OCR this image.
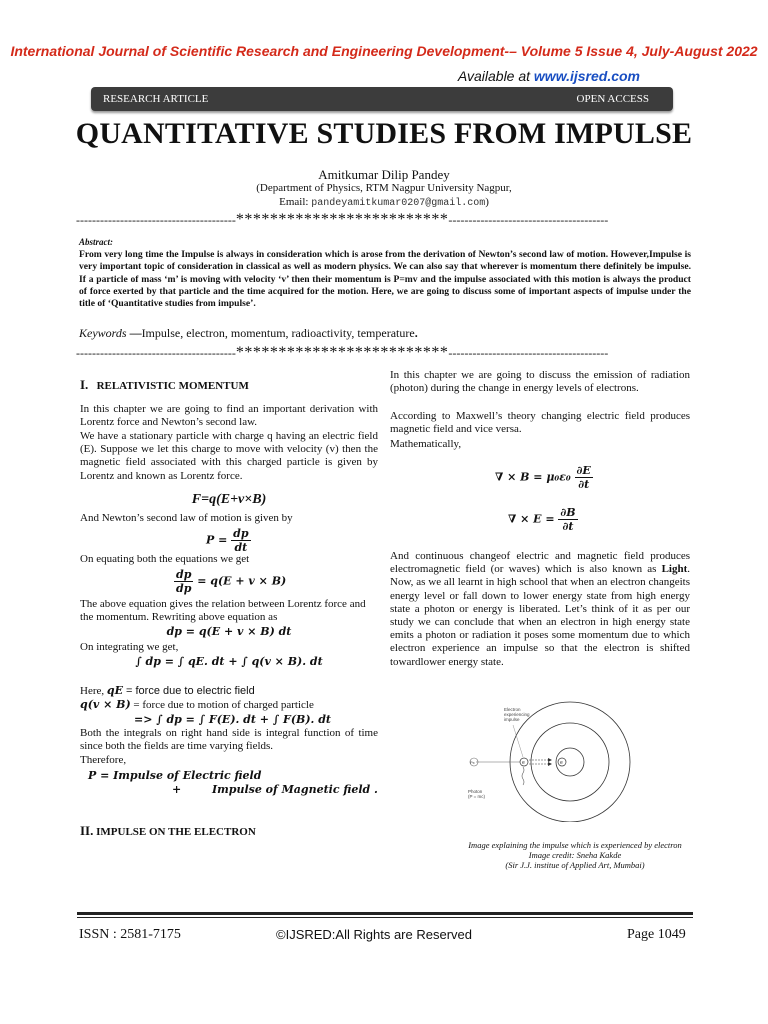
International Journal of Scientific Research and Engineering Development-– Volume 5 Issue 4, July-August 2022
Available at www.ijsred.com
RESEARCH ARTICLE	OPEN ACCESS
QUANTITATIVE STUDIES FROM IMPULSE
Amitkumar Dilip Pandey
(Department of Physics, RTM Nagpur University Nagpur,
Email: pandeyamitkumar0207@gmail.com)
----------------------------------------*************************----------------------------------------
Abstract:
From very long time the Impulse is always in consideration which is arose from the derivation of Newton’s second law of motion. However,Impulse is very important topic of consideration in classical as well as modern physics. We can also say that wherever is momentum there definitely be impulse. If a particle of mass ‘m’ is moving with velocity ‘v’ then their momentum is P=mv and the impulse associated with this motion is always the product of force exerted by that particle and the time acquired for the motion. Here, we are going to discuss some of important aspects of impulse under the title of ‘Quantitative studies from impulse’.
Keywords —Impulse, electron, momentum, radioactivity, temperature.
----------------------------------------*************************----------------------------------------
I. RELATIVISTIC MOMENTUM
In this chapter we are going to find an important derivation with Lorentz force and Newton’s second law.
We have a stationary particle with charge q having an electric field (E). Suppose we let this charge to move with velocity (v) then the magnetic field associated with this charged particle is given by Lorentz and known as Lorentz force.
F=q(E+v×B)
And Newton’s second law of motion is given by
$P = \frac{dp}{dt}$
On equating both the equations we get
$\frac{dp}{dp} = q(E + v \times B)$
The above equation gives the relation between Lorentz force and the momentum. Rewriting above equation as
dp = q(E + v × B) dt
On integrating we get,
∫ dp = ∫ qE. dt + ∫ q(v × B). dt
Here, qE = force due to electric field
q(v × B) = force due to motion of charged particle
=> ∫ dp = ∫ F(E). dt + ∫ F(B). dt
Both the integrals on right hand side is integral function of time since both the fields are time varying fields.
Therefore,
P = Impulse of Electric field
+	Impulse of Magnetic field .
II. IMPULSE ON THE ELECTRON
In this chapter we are going to discuss the emission of radiation (photon) during the change in energy levels of electrons.
According to Maxwell’s theory changing electric field produces magnetic field and vice versa.
Mathematically,
∇ × $B = \mu_0\varepsilon_0 \frac{\partial E}{\partial t}$
∇ × $E = \frac{\partial B}{\partial t}$
And continuous changeof electric and magnetic field produces electromagnetic field (or waves) which is also known as Light. Now, as we all learnt in high school that when an electron changeits energy level or fall down to lower energy state from high energy state a photon or energy is liberated. Let’s think of it as per our study we can conclude that when an electron in high energy state emits a photon or radiation it poses some momentum due to which electron experience an impulse so that the electron is shifted towardlower energy state.
Px	e	e
Electron experiencing impulse
Photon (P = mc)
Image explaining the impulse which is experienced by electron
Image credit: Sneha Kakde
(Sir J.J. institue of Applied Art, Mumbai)
ISSN : 2581-7175	©IJSRED:All Rights are Reserved	Page 1049
